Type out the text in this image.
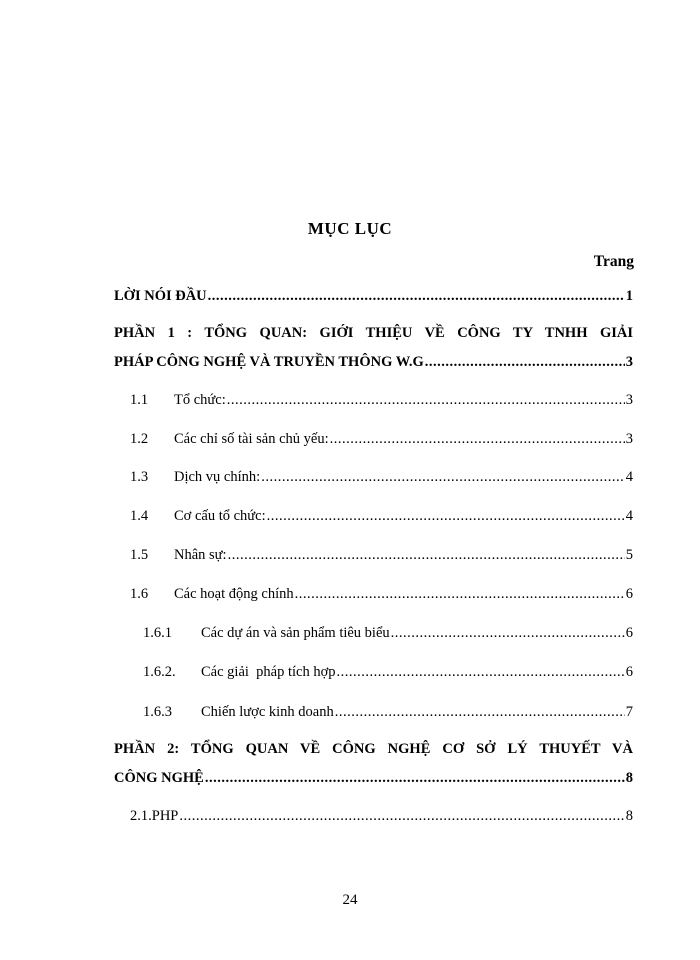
MỤC LỤC
Trang
LỜI NÓI ĐẦU .....	1
PHẦN 1 : TỔNG QUAN: GIỚI THIỆU VỀ CÔNG TY TNHH GIẢI
PHÁP CÔNG NGHỆ VÀ TRUYỀN THÔNG W.G .....	3
1.1	Tổ chức: .....	3
1.2	Các chỉ số tài sản chủ yếu: .....	3
1.3	Dịch vụ chính: .....	4
1.4	Cơ cấu tổ chức: .....	4
1.5	Nhân sự: .....	5
1.6	Các hoạt động chính .....	6
1.6.1	Các dự án và sản phẩm tiêu biểu .....	6
1.6.2.	Các giải  pháp tích hợp .....	6
1.6.3	Chiến lược kinh doanh .....	7
PHẦN 2: TỔNG QUAN VỀ CÔNG NGHỆ CƠ SỞ LÝ THUYẾT VÀ
CÔNG NGHỆ .....	8
2.1.PHP .....	8
24
